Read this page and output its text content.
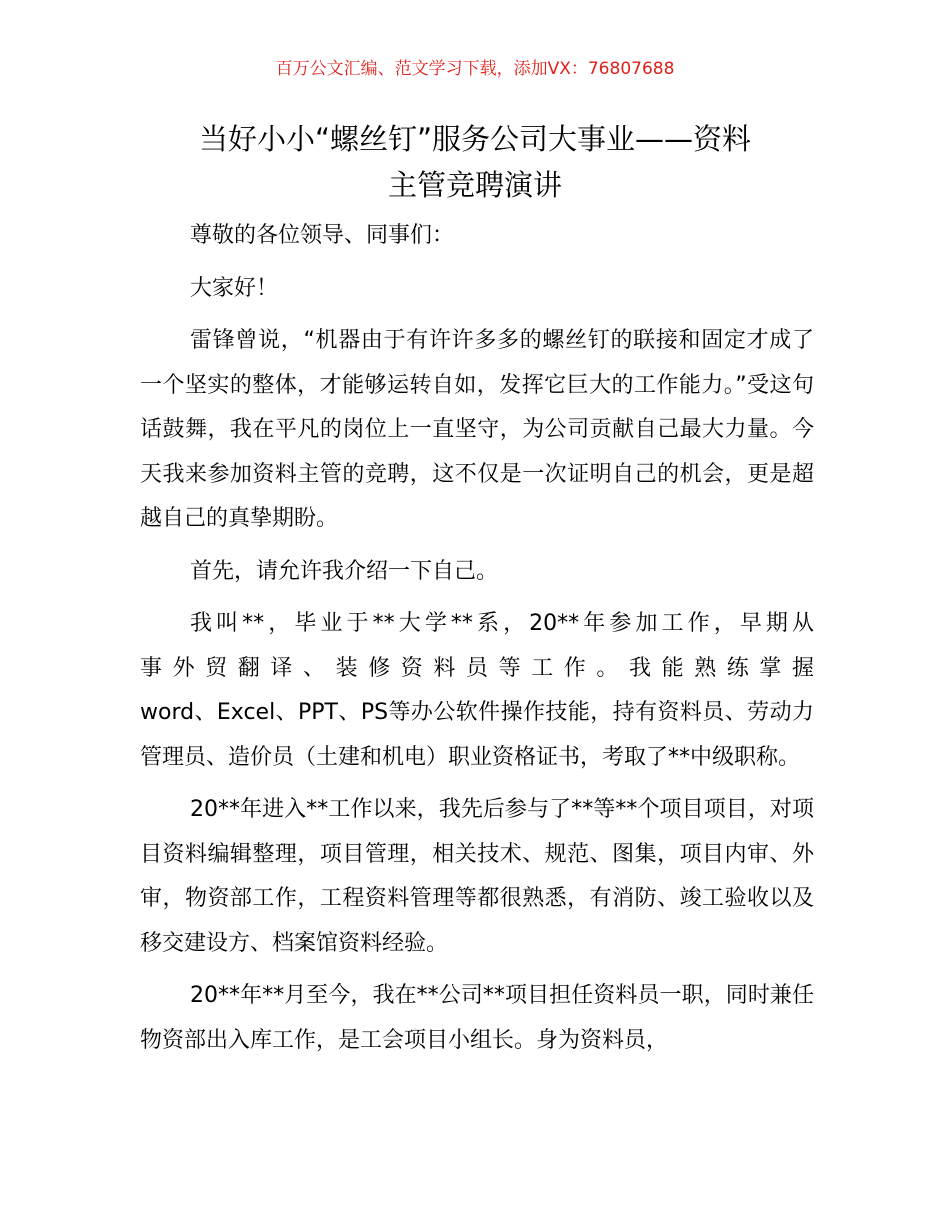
百万公文汇编、范文学习下载，添加VX：76807688
当好小小“螺丝钉”服务公司大事业——资料
主管竞聘演讲

尊敬的各位领导、同事们：

大家好！

雷锋曾说，“机器由于有许许多多的螺丝钉的联接和固定才成了一个坚实的整体，才能够运转自如，发挥它巨大的工作能力。”受这句话鼓舞，我在平凡的岗位上一直坚守，为公司贡献自己最大力量。今天我来参加资料主管的竞聘，这不仅是一次证明自己的机会，更是超越自己的真挚期盼。

首先，请允许我介绍一下自己。

我叫**，毕业于**大学**系，20**年参加工作，早期从
事外贸翻译、装修资料员等工作。我能熟练掌握
word、Excel、PPT、PS等办公软件操作技能，持有资料员、劳动力管理员、造价员（土建和机电）职业资格证书，考取了**中级职称。

20**年进入**工作以来，我先后参与了**等**个项目项目，对项目资料编辑整理，项目管理，相关技术、规范、图集，项目内审、外审，物资部工作，工程资料管理等都很熟悉，有消防、竣工验收以及移交建设方、档案馆资料经验。

20**年**月至今，我在**公司**项目担任资料员一职，同时兼任物资部出入库工作，是工会项目小组长。身为资料员，
